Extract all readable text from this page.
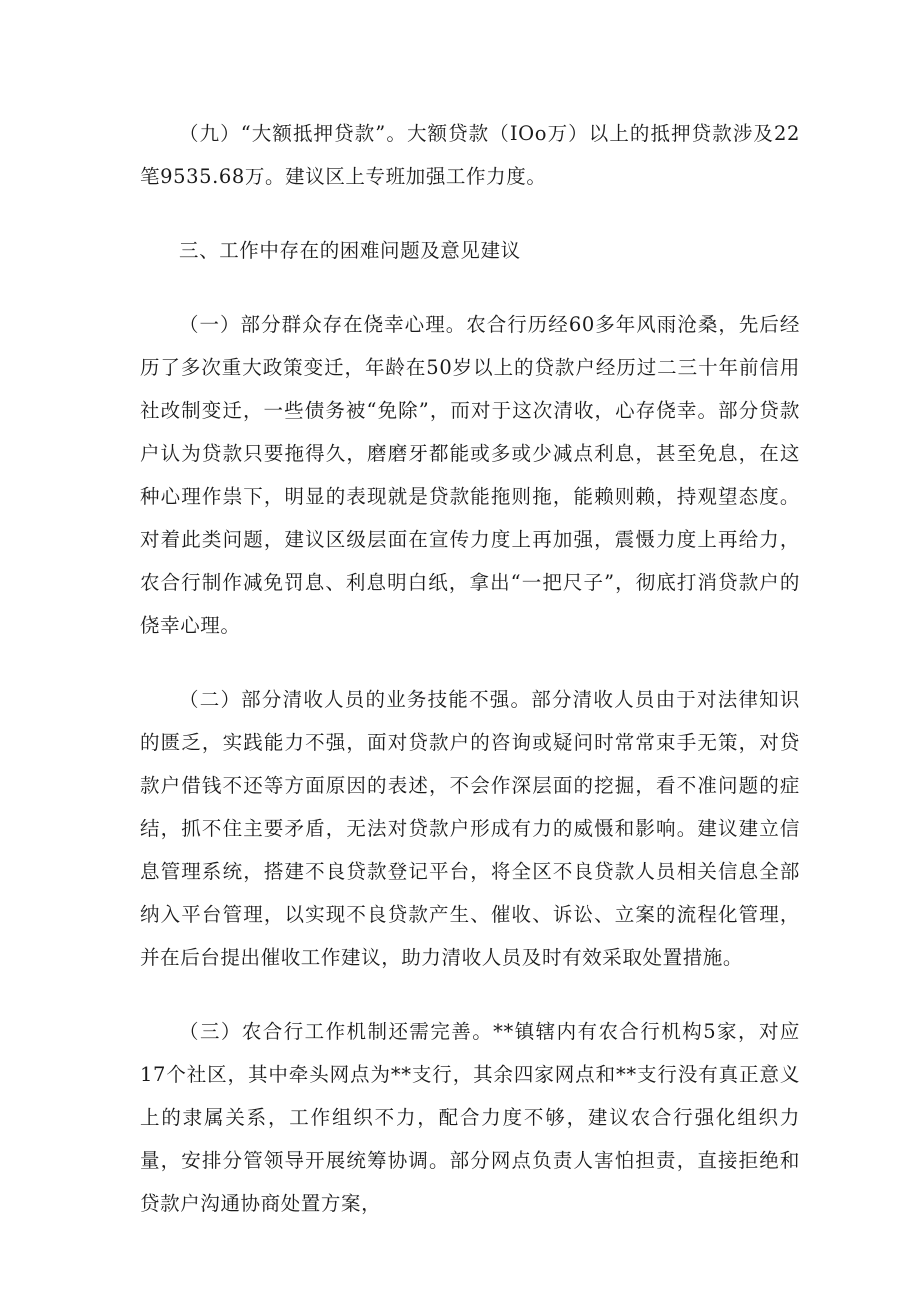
（九）“大额抵押贷款”。大额贷款（IOo万）以上的抵押贷款涉及22笔9535.68万。建议区上专班加强工作力度。

三、工作中存在的困难问题及意见建议

（一）部分群众存在侥幸心理。农合行历经60多年风雨沧桑，先后经历了多次重大政策变迁，年龄在50岁以上的贷款户经历过二三十年前信用社改制变迁，一些债务被“免除”，而对于这次清收，心存侥幸。部分贷款户认为贷款只要拖得久，磨磨牙都能或多或少减点利息，甚至免息，在这种心理作祟下，明显的表现就是贷款能拖则拖，能赖则赖，持观望态度。对着此类问题，建议区级层面在宣传力度上再加强，震慑力度上再给力，农合行制作减免罚息、利息明白纸，拿出“一把尺子”，彻底打消贷款户的侥幸心理。

（二）部分清收人员的业务技能不强。部分清收人员由于对法律知识的匮乏，实践能力不强，面对贷款户的咨询或疑问时常常束手无策，对贷款户借钱不还等方面原因的表述，不会作深层面的挖掘，看不准问题的症结，抓不住主要矛盾，无法对贷款户形成有力的威慑和影响。建议建立信息管理系统，搭建不良贷款登记平台，将全区不良贷款人员相关信息全部纳入平台管理，以实现不良贷款产生、催收、诉讼、立案的流程化管理，并在后台提出催收工作建议，助力清收人员及时有效采取处置措施。

（三）农合行工作机制还需完善。**镇辖内有农合行机构5家，对应17个社区，其中牵头网点为**支行，其余四家网点和**支行没有真正意义上的隶属关系，工作组织不力，配合力度不够，建议农合行强化组织力量，安排分管领导开展统筹协调。部分网点负责人害怕担责，直接拒绝和贷款户沟通协商处置方案，
